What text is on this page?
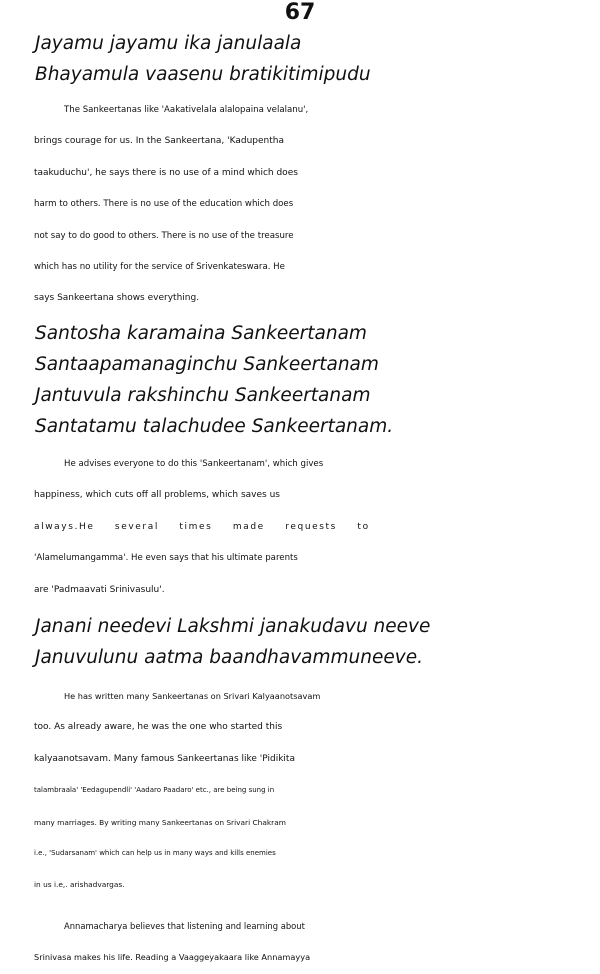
67
Jayamu jayamu ika janulaala
Bhayamula vaasenu bratikitimipudu
The Sankeertanas like 'Aakativelala alalopaina velalanu',
brings courage for us. In the Sankeertana, 'Kadupentha
taakuduchu', he says there is no use of a mind which does
harm to others. There is no use of the education which does
not say to do good to others. There is no use of the treasure
which has no utility for the service of Srivenkateswara. He
says Sankeertana shows everything.
Santosha karamaina Sankeertanam
Santaapamanaginchu Sankeertanam
Jantuvula rakshinchu Sankeertanam
Santatamu talachudee Sankeertanam.
He advises everyone to do this 'Sankeertanam', which gives
happiness, which cuts off all problems, which saves us
always.He several times made requests to
'Alamelumangamma'. He even says that his ultimate parents
are 'Padmaavati Srinivasulu'.
Janani needevi Lakshmi janakudavu neeve
Januvulunu aatma baandhavammuneeve.
He has written many Sankeertanas on Srivari Kalyaanotsavam
too. As already aware, he was the one who started this
kalyaanotsavam. Many famous Sankeertanas like 'Pidikita
talambraala' 'Eedagupendli' 'Aadaro Paadaro' etc., are being sung in
many marriages. By writing many Sankeertanas on Srivari Chakram
i.e., 'Sudarsanam' which can help us in many ways and kills enemies
in us i.e,. arishadvargas.
Annamacharya believes that listening and learning about
Srinivasa makes his life. Reading a Vaaggeyakaara like Annamayya
